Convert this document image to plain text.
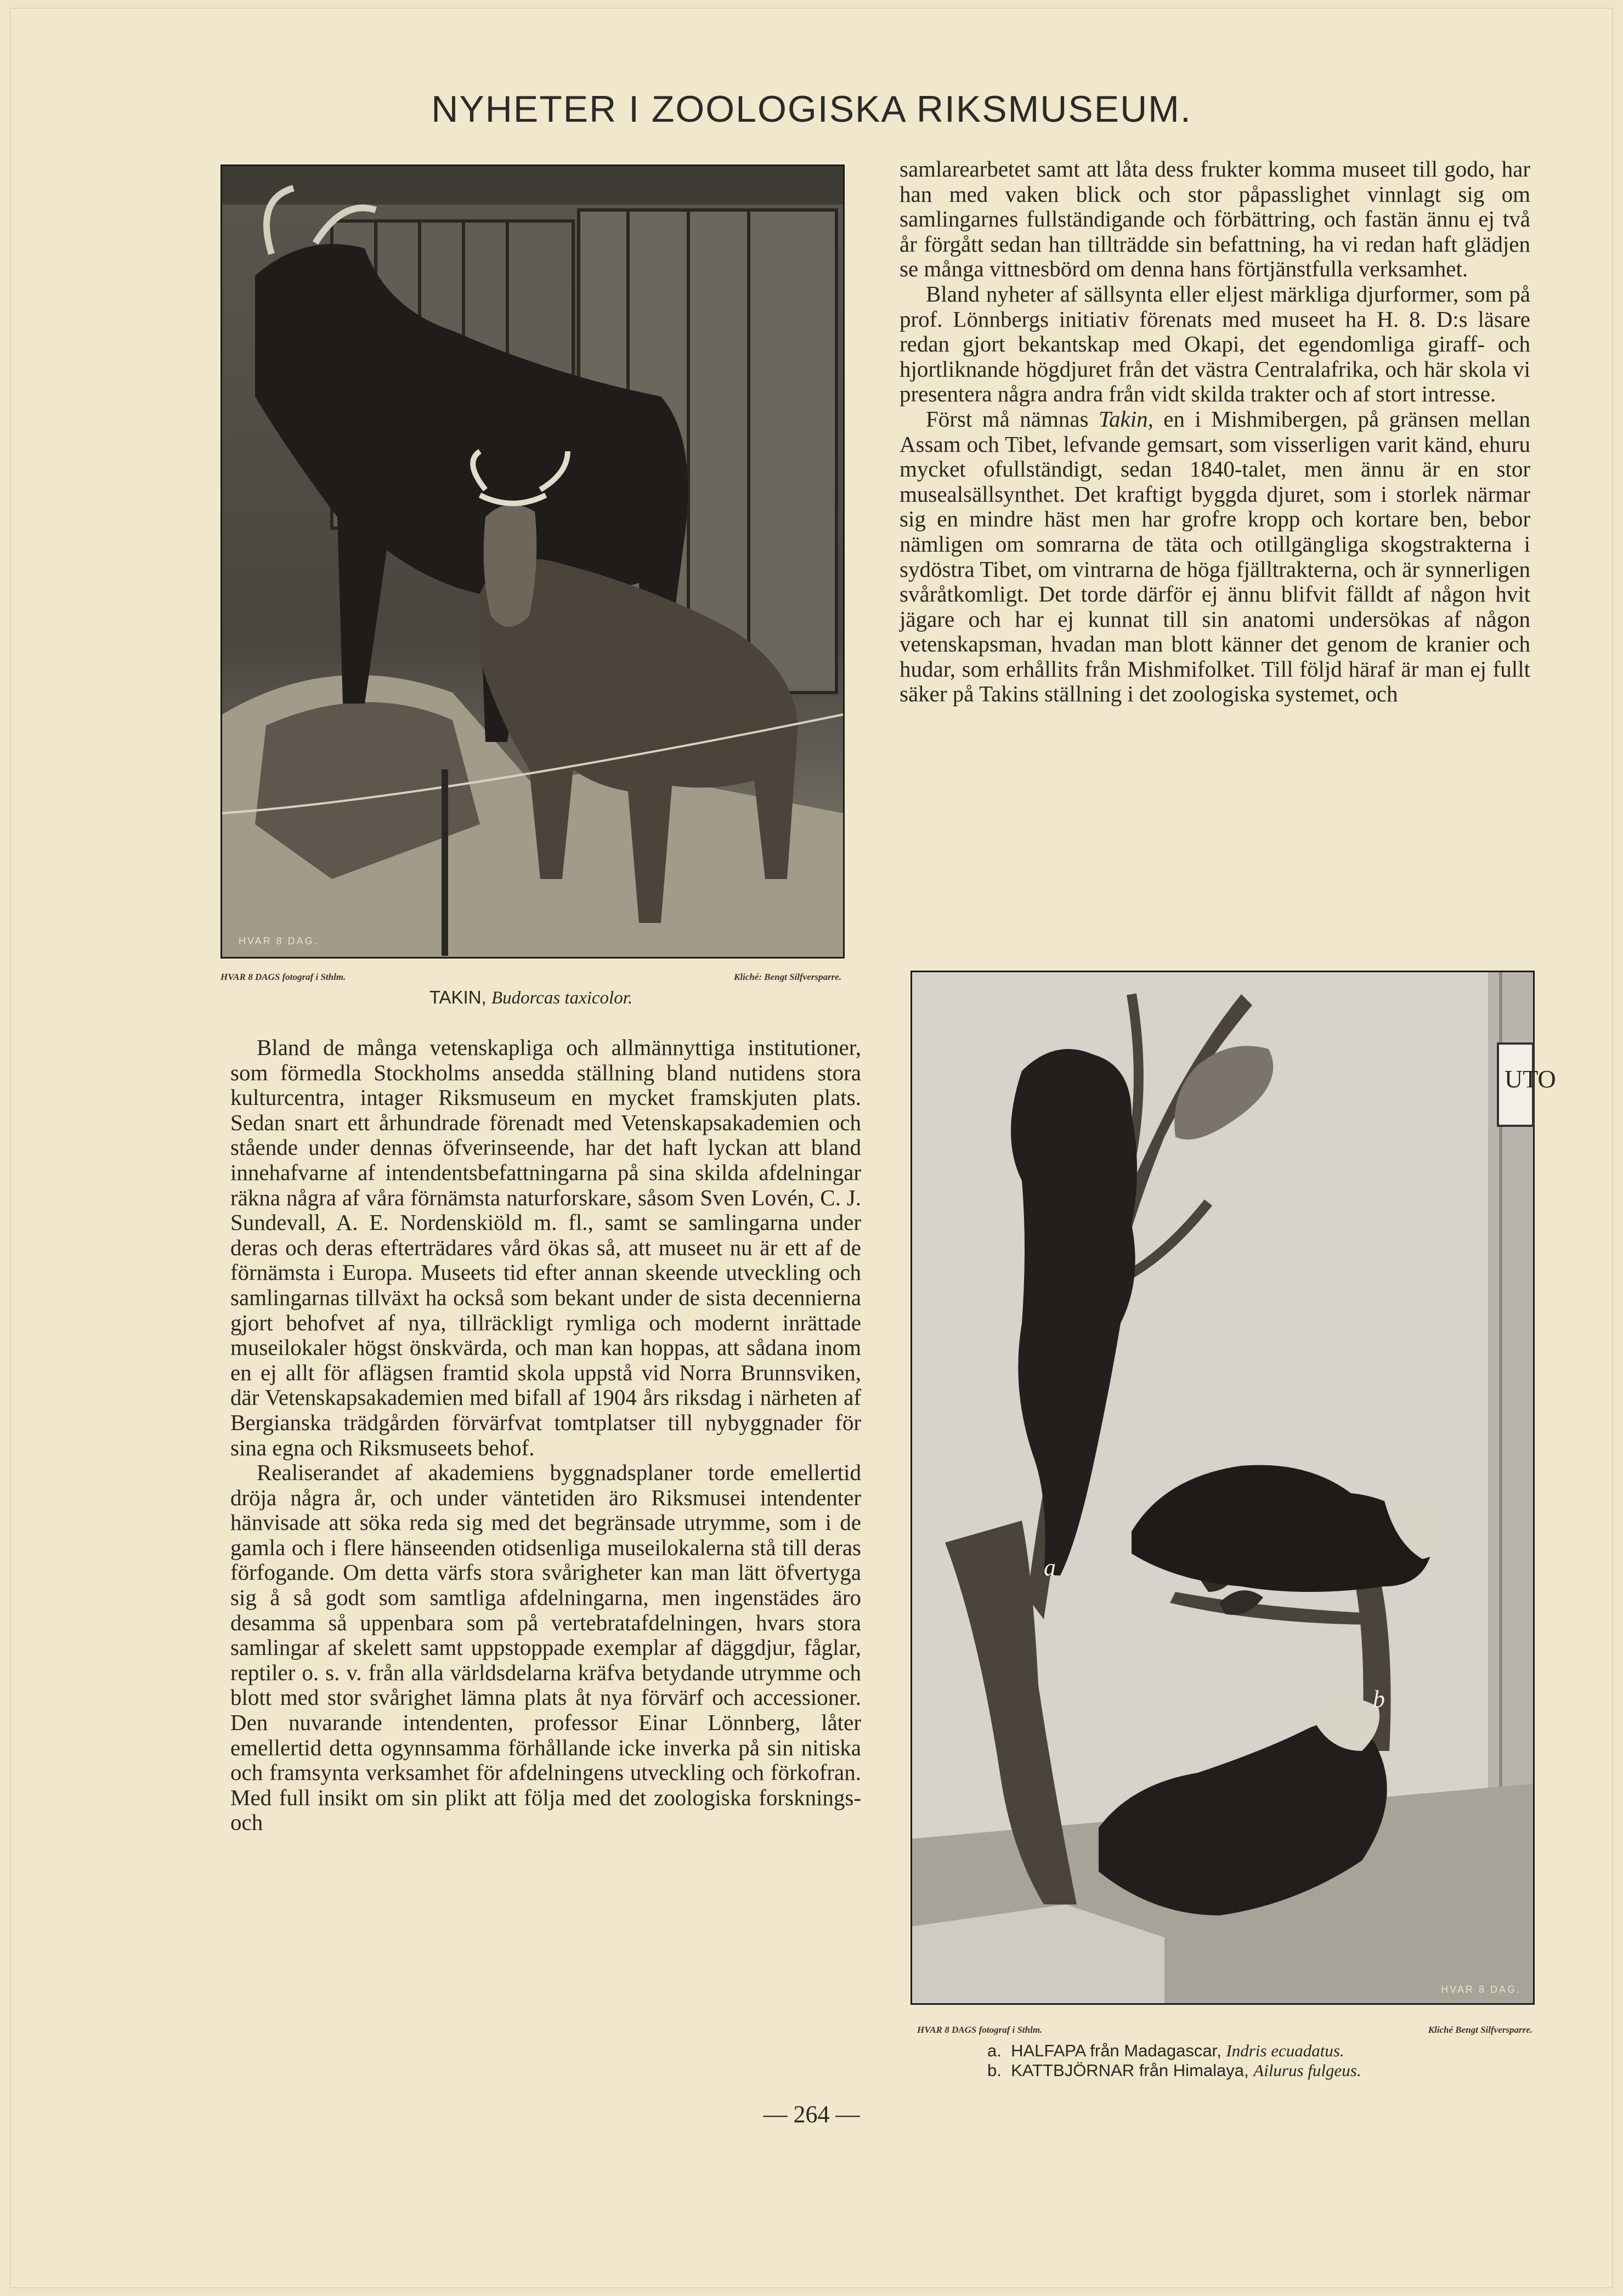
NYHETER I ZOOLOGISKA RIKSMUSEUM.
HVAR 8 DAG.
HVAR 8 DAGS fotograf i Sthlm.	Kliché: Bengt Silfversparre.
TAKIN, Budorcas taxicolor.

samlarearbetet samt att låta dess frukter komma museet till godo, har han med vaken blick och stor påpasslighet vinnlagt sig om samlingarnes fullständigande och förbättring, och fastän ännu ej två år förgått sedan han tillträdde sin befattning, ha vi redan haft glädjen se många vittnesbörd om denna hans förtjänstfulla verksamhet.

Bland nyheter af sällsynta eller eljest märkliga djurformer, som på prof. Lönnbergs initiativ förenats med museet ha H. 8. D:s läsare redan gjort bekantskap med Okapi, det egendomliga giraff- och hjortliknande högdjuret från det västra Centralafrika, och här skola vi presentera några andra från vidt skilda trakter och af stort intresse.

Först må nämnas Takin, en i Mishmibergen, på gränsen mellan Assam och Tibet, lefvande gemsart, som visserligen varit känd, ehuru mycket ofullständigt, sedan 1840-talet, men ännu är en stor musealsällsynthet. Det kraftigt byggda djuret, som i storlek närmar sig en mindre häst men har grofre kropp och kortare ben, bebor nämligen om somrarna de täta och otillgängliga skogstrakterna i sydöstra Tibet, om vintrarna de höga fjälltrakterna, och är synnerligen svåråtkomligt. Det torde därför ej ännu blifvit fälldt af någon hvit jägare och har ej kunnat till sin anatomi undersökas af någon vetenskapsman, hvadan man blott känner det genom de kranier och hudar, som erhållits från Mishmifolket. Till följd häraf är man ej fullt säker på Takins ställning i det zoologiska systemet, och

Bland de många vetenskapliga och allmännyttiga institutioner, som förmedla Stockholms ansedda ställning bland nutidens stora kulturcentra, intager Riksmuseum en mycket framskjuten plats. Sedan snart ett århundrade förenadt med Vetenskapsakademien och stående under dennas öfverinseende, har det haft lyckan att bland innehafvarne af intendentsbefattningarna på sina skilda afdelningar räkna några af våra förnämsta naturforskare, såsom Sven Lovén, C. J. Sundevall, A. E. Nordenskiöld m. fl., samt se samlingarna under deras och deras efterträdares vård ökas så, att museet nu är ett af de förnämsta i Europa. Museets tid efter annan skeende utveckling och samlingarnas tillväxt ha också som bekant under de sista decennierna gjort behofvet af nya, tillräckligt rymliga och modernt inrättade museilokaler högst önskvärda, och man kan hoppas, att sådana inom en ej allt för aflägsen framtid skola uppstå vid Norra Brunnsviken, där Vetenskapsakademien med bifall af 1904 års riksdag i närheten af Bergianska trädgården förvärfvat tomtplatser till nybyggnader för sina egna och Riksmuseets behof.

Realiserandet af akademiens byggnadsplaner torde emellertid dröja några år, och under väntetiden äro Riksmusei intendenter hänvisade att söka reda sig med det begränsade utrymme, som i de gamla och i flere hänseenden otidsenliga museilokalerna stå till deras förfogande. Om detta värfs stora svårigheter kan man lätt öfvertyga sig å så godt som samtliga afdelningarna, men ingenstädes äro desamma så uppenbara som på vertebratafdelningen, hvars stora samlingar af skelett samt uppstoppade exemplar af däggdjur, fåglar, reptiler o. s. v. från alla världsdelarna kräfva betydande utrymme och blott med stor svårighet lämna plats åt nya förvärf och accessioner. Den nuvarande intendenten, professor Einar Lönnberg, låter emellertid detta ogynnsamma förhållande icke inverka på sin nitiska och framsynta verksamhet för afdelningens utveckling och förkofran. Med full insikt om sin plikt att följa med det zoologiska forsknings- och

UTO
a
b
HVAR 8 DAG.
HVAR 8 DAGS fotograf i Sthlm.	Kliché Bengt Silfversparre.
a. HALFAPA från Madagascar, Indris ecuadatus.
b. KATTBJÖRNAR från Himalaya, Ailurus fulgeus.
— 264 —
